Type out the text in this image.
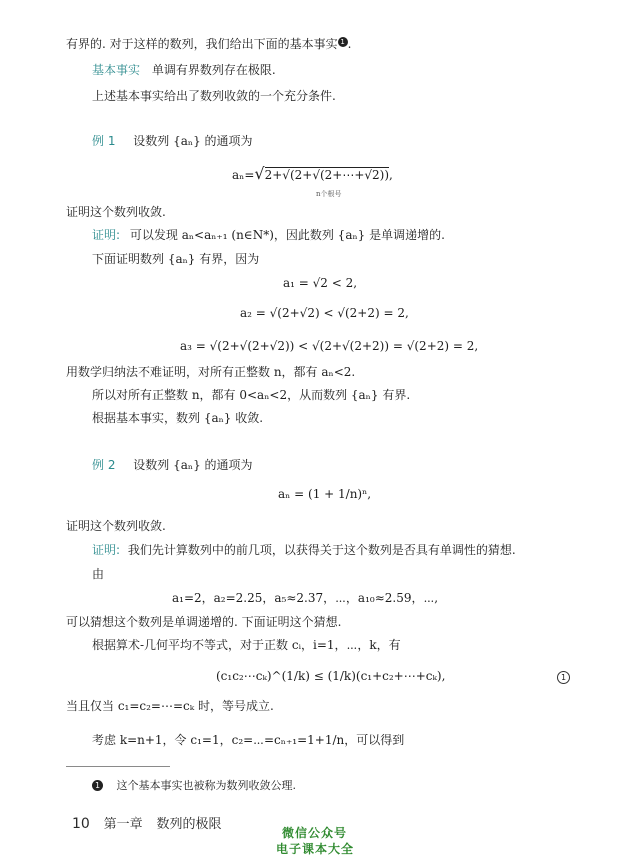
有界的. 对于这样的数列，我们给出下面的基本事实 1 .
基本事实 单调有界数列存在极限.
上述基本事实给出了数列收敛的一个充分条件.
例 1 设数列 {aₙ} 的通项为
aₙ=√2+√(2+√(2+⋯+√2)),
n个根号
证明这个数列收敛.
证明: 可以发现 aₙ<aₙ₊₁ (n∈N*)，因此数列 {aₙ} 是单调递增的.
下面证明数列 {aₙ} 有界，因为
a₁ = √2 < 2,
a₂ = √(2+√2) < √(2+2) = 2,
a₃ = √(2+√(2+√2)) < √(2+√(2+2)) = √(2+2) = 2,
用数学归纳法不难证明，对所有正整数 n，都有 aₙ<2.
所以对所有正整数 n，都有 0<aₙ<2，从而数列 {aₙ} 有界.
根据基本事实，数列 {aₙ} 收敛.
例 2 设数列 {aₙ} 的通项为
aₙ = (1 + 1/n)ⁿ,
证明这个数列收敛.
证明: 我们先计算数列中的前几项，以获得关于这个数列是否具有单调性的猜想.
由
a₁=2，a₂=2.25，a₅≈2.37，⋯，a₁₀≈2.59，⋯,
可以猜想这个数列是单调递增的. 下面证明这个猜想.
根据算术-几何平均不等式，对于正数 cᵢ，i=1，⋯，k，有
(c₁c₂⋯cₖ)^(1/k) ≤ (1/k)(c₁+c₂+⋯+cₖ),	1
当且仅当 c₁=c₂=⋯=cₖ 时，等号成立.
考虑 k=n+1，令 c₁=1，c₂=⋯=cₙ₊₁=1+1/n，可以得到
1 这个基本事实也被称为数列收敛公理.
10 第一章 数列的极限
微信公众号
电子课本大全
